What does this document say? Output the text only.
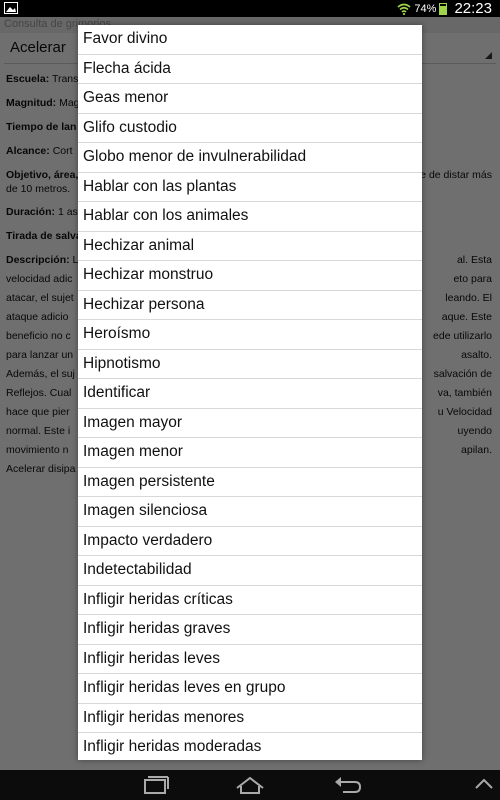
74% 22:23
Favor divino
Flecha ácida
Geas menor
Glifo custodio
Globo menor de invulnerabilidad
Hablar con las plantas
Hablar con los animales
Hechizar animal
Hechizar monstruo
Hechizar persona
Heroísmo
Hipnotismo
Identificar
Imagen mayor
Imagen menor
Imagen persistente
Imagen silenciosa
Impacto verdadero
Indetectabilidad
Infligir heridas críticas
Infligir heridas graves
Infligir heridas leves
Infligir heridas leves en grupo
Infligir heridas menores
Infligir heridas moderadas
